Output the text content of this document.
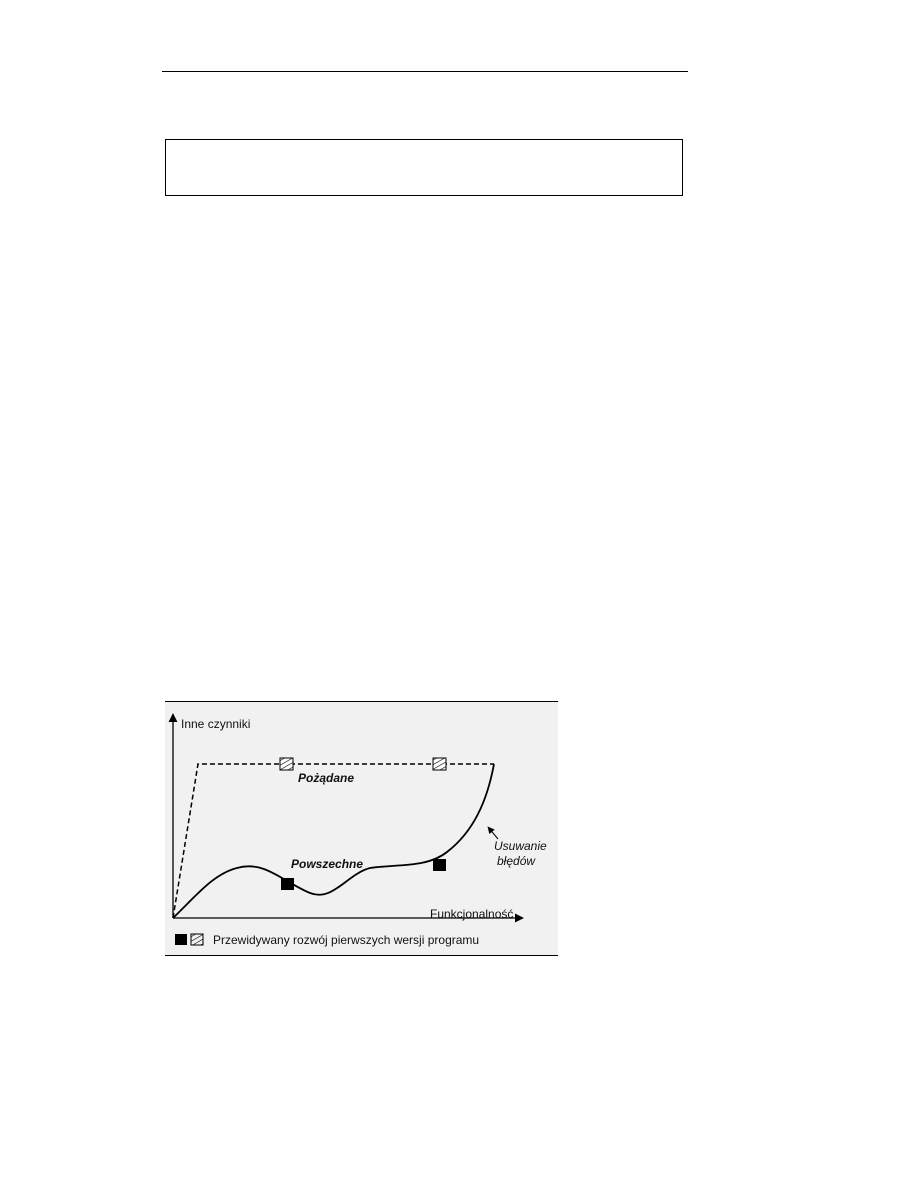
Inne czynniki
Funkcjonalność
Pożądane
Powszechne
Usuwanie
błędów
Przewidywany rozwój pierwszych wersji programu
